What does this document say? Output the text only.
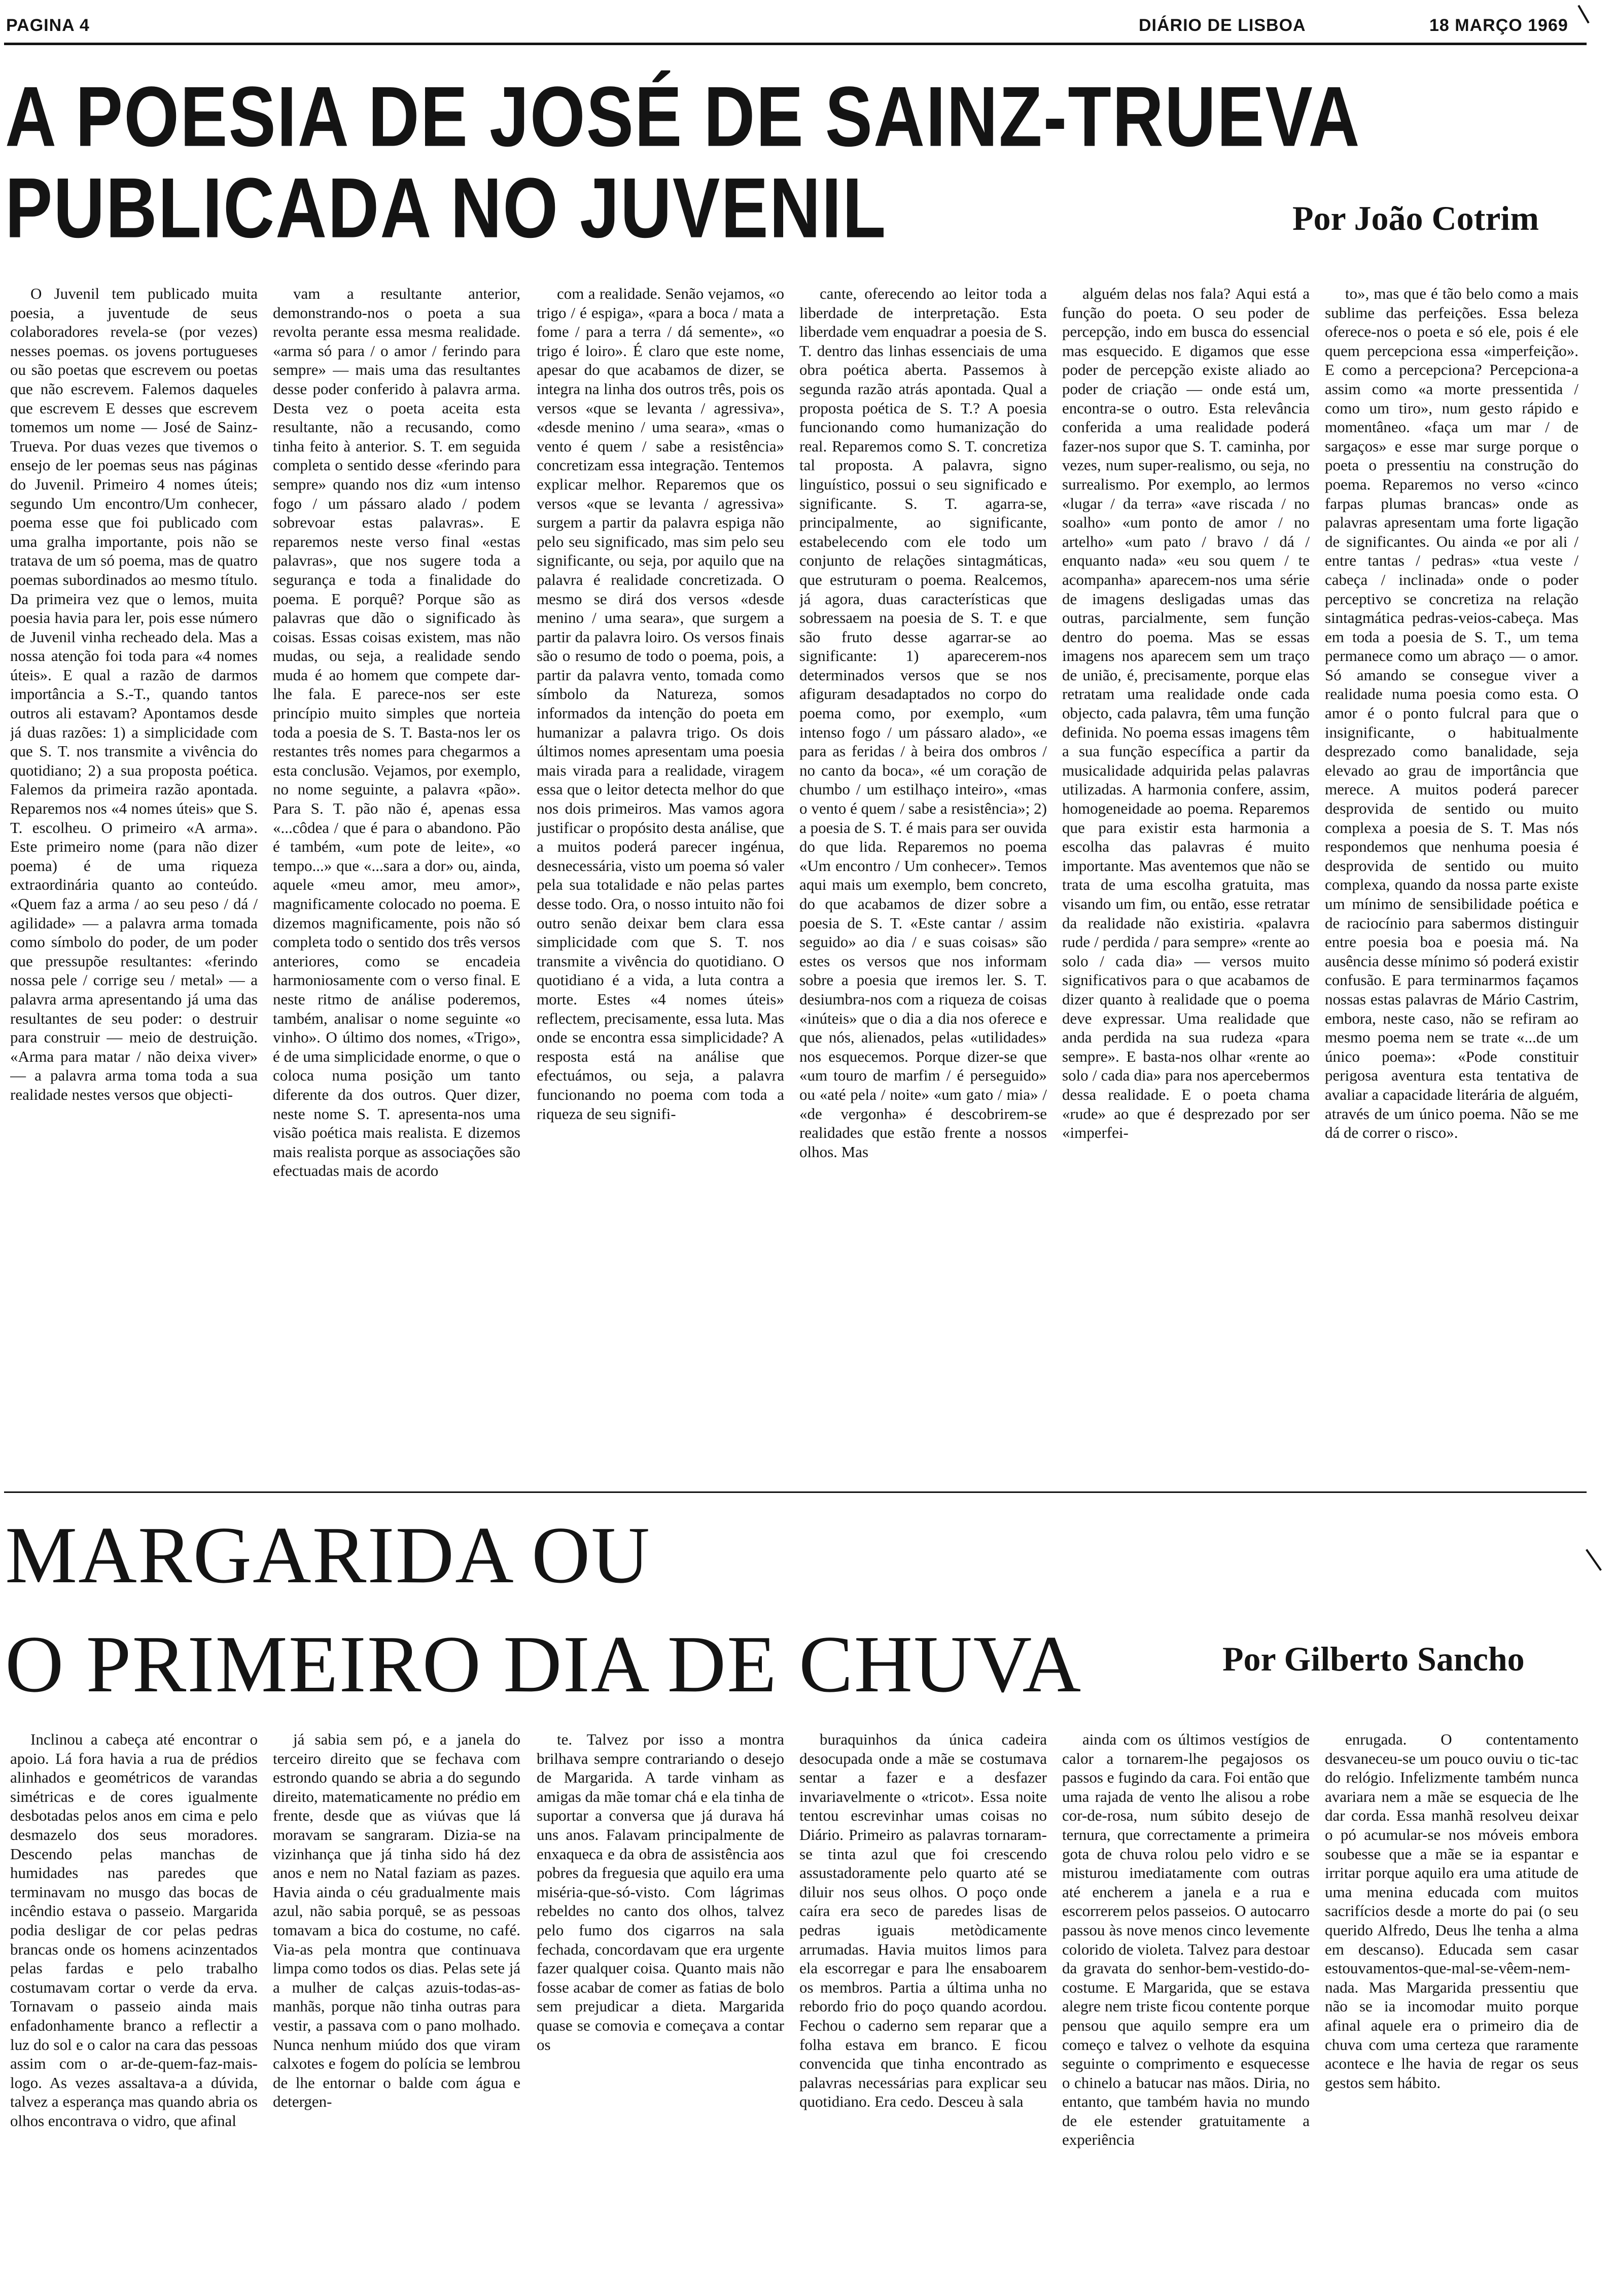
PAGINA 4	DIÁRIO DE LISBOA	18 MARÇO 1969
A POESIA DE JOSÉ DE SAINZ-TRUEVA
PUBLICADA NO JUVENIL	Por João Cotrim

O Juvenil tem publicado muita poesia, a juventude de seus colaboradores revela-se (por vezes) nesses poemas. os jovens portugueses ou são poetas que escrevem ou poetas que não escrevem. Falemos daqueles que escrevem E desses que escrevem tomemos um nome — José de Sainz-Trueva. Por duas vezes que tivemos o ensejo de ler poemas seus nas páginas do Juvenil. Primeiro 4 nomes úteis; segundo Um encontro/Um conhecer, poema esse que foi publicado com uma gralha importante, pois não se tratava de um só poema, mas de quatro poemas subordinados ao mesmo título. Da primeira vez que o lemos, muita poesia havia para ler, pois esse número de Juvenil vinha recheado dela. Mas a nossa atenção foi toda para «4 nomes úteis». E qual a razão de darmos importância a S.-T., quando tantos outros ali estavam? Apontamos desde já duas razões: 1) a simplicidade com que S. T. nos transmite a vivência do quotidiano; 2) a sua proposta poética. Falemos da primeira razão apontada. Reparemos nos «4 nomes úteis» que S. T. escolheu. O primeiro «A arma». Este primeiro nome (para não dizer poema) é de uma riqueza extraordinária quanto ao conteúdo. «Quem faz a arma / ao seu peso / dá / agilidade» — a palavra arma tomada como símbolo do poder, de um poder que pressupõe resultantes: «ferindo nossa pele / corrige seu / metal» — a palavra arma apresentando já uma das resultantes de seu poder: o destruir para construir — meio de destruição. «Arma para matar / não deixa viver» — a palavra arma toma toda a sua realidade nestes versos que objecti-

vam a resultante anterior, demonstrando-nos o poeta a sua revolta perante essa mesma realidade. «arma só para / o amor / ferindo para sempre» — mais uma das resultantes desse poder conferido à palavra arma. Desta vez o poeta aceita esta resultante, não a recusando, como tinha feito à anterior. S. T. em seguida completa o sentido desse «ferindo para sempre» quando nos diz «um intenso fogo / um pássaro alado / podem sobrevoar estas palavras». E reparemos neste verso final «estas palavras», que nos sugere toda a segurança e toda a finalidade do poema. E porquê? Porque são as palavras que dão o significado às coisas. Essas coisas existem, mas não mudas, ou seja, a realidade sendo muda é ao homem que compete dar-lhe fala. E parece-nos ser este princípio muito simples que norteia toda a poesia de S. T. Basta-nos ler os restantes três nomes para chegarmos a esta conclusão. Vejamos, por exemplo, no nome seguinte, a palavra «pão». Para S. T. pão não é, apenas essa «...côdea / que é para o abandono. Pão é também, «um pote de leite», «o tempo...» que «...sara a dor» ou, ainda, aquele «meu amor, meu amor», magnificamente colocado no poema. E dizemos magnificamente, pois não só completa todo o sentido dos três versos anteriores, como se encadeia harmoniosamente com o verso final. E neste ritmo de análise poderemos, também, analisar o nome seguinte «o vinho». O último dos nomes, «Trigo», é de uma simplicidade enorme, o que o coloca numa posição um tanto diferente da dos outros. Quer dizer, neste nome S. T. apresenta-nos uma visão poética mais realista. E dizemos mais realista porque as associações são efectuadas mais de acordo

com a realidade. Senão vejamos, «o trigo / é espiga», «para a boca / mata a fome / para a terra / dá semente», «o trigo é loiro». É claro que este nome, apesar do que acabamos de dizer, se integra na linha dos outros três, pois os versos «que se levanta / agressiva», «desde menino / uma seara», «mas o vento é quem / sabe a resistência» concretizam essa integração. Tentemos explicar melhor. Reparemos que os versos «que se levanta / agressiva» surgem a partir da palavra espiga não pelo seu significado, mas sim pelo seu significante, ou seja, por aquilo que na palavra é realidade concretizada. O mesmo se dirá dos versos «desde menino / uma seara», que surgem a partir da palavra loiro. Os versos finais são o resumo de todo o poema, pois, a partir da palavra vento, tomada como símbolo da Natureza, somos informados da intenção do poeta em humanizar a palavra trigo. Os dois últimos nomes apresentam uma poesia mais virada para a realidade, viragem essa que o leitor detecta melhor do que nos dois primeiros. Mas vamos agora justificar o propósito desta análise, que a muitos poderá parecer ingénua, desnecessária, visto um poema só valer pela sua totalidade e não pelas partes desse todo. Ora, o nosso intuito não foi outro senão deixar bem clara essa simplicidade com que S. T. nos transmite a vivência do quotidiano. O quotidiano é a vida, a luta contra a morte. Estes «4 nomes úteis» reflectem, precisamente, essa luta. Mas onde se encontra essa simplicidade? A resposta está na análise que efectuámos, ou seja, a palavra funcionando no poema com toda a riqueza de seu signifi-

cante, oferecendo ao leitor toda a liberdade de interpretação. Esta liberdade vem enquadrar a poesia de S. T. dentro das linhas essenciais de uma obra poética aberta. Passemos à segunda razão atrás apontada. Qual a proposta poética de S. T.? A poesia funcionando como humanização do real. Reparemos como S. T. concretiza tal proposta. A palavra, signo linguístico, possui o seu significado e significante. S. T. agarra-se, principalmente, ao significante, estabelecendo com ele todo um conjunto de relações sintagmáticas, que estruturam o poema. Realcemos, já agora, duas características que sobressaem na poesia de S. T. e que são fruto desse agarrar-se ao significante: 1) aparecerem-nos determinados versos que se nos afiguram desadaptados no corpo do poema como, por exemplo, «um intenso fogo / um pássaro alado», «e para as feridas / à beira dos ombros / no canto da boca», «é um coração de chumbo / um estilhaço inteiro», «mas o vento é quem / sabe a resistência»; 2) a poesia de S. T. é mais para ser ouvida do que lida. Reparemos no poema «Um encontro / Um conhecer». Temos aqui mais um exemplo, bem concreto, do que acabamos de dizer sobre a poesia de S. T. «Este cantar / assim seguido» ao dia / e suas coisas» são estes os versos que nos informam sobre a poesia que iremos ler. S. T. desiumbra-nos com a riqueza de coisas «inúteis» que o dia a dia nos oferece e que nós, alienados, pelas «utilidades» nos esquecemos. Porque dizer-se que «um touro de marfim / é perseguido» ou «até pela / noite» «um gato / mia» / «de vergonha» é descobrirem-se realidades que estão frente a nossos olhos. Mas

alguém delas nos fala? Aqui está a função do poeta. O seu poder de percepção, indo em busca do essencial mas esquecido. E digamos que esse poder de percepção existe aliado ao poder de criação — onde está um, encontra-se o outro. Esta relevância conferida a uma realidade poderá fazer-nos supor que S. T. caminha, por vezes, num super-realismo, ou seja, no surrealismo. Por exemplo, ao lermos «lugar / da terra» «ave riscada / no soalho» «um ponto de amor / no artelho» «um pato / bravo / dá / enquanto nada» «eu sou quem / te acompanha» aparecem-nos uma série de imagens desligadas umas das outras, parcialmente, sem função dentro do poema. Mas se essas imagens nos aparecem sem um traço de união, é, precisamente, porque elas retratam uma realidade onde cada objecto, cada palavra, têm uma função definida. No poema essas imagens têm a sua função específica a partir da musicalidade adquirida pelas palavras utilizadas. A harmonia confere, assim, homogeneidade ao poema. Reparemos que para existir esta harmonia a escolha das palavras é muito importante. Mas aventemos que não se trata de uma escolha gratuita, mas visando um fim, ou então, esse retratar da realidade não existiria. «palavra rude / perdida / para sempre» «rente ao solo / cada dia» — versos muito significativos para o que acabamos de dizer quanto à realidade que o poema deve expressar. Uma realidade que anda perdida na sua rudeza «para sempre». E basta-nos olhar «rente ao solo / cada dia» para nos apercebermos dessa realidade. E o poeta chama «rude» ao que é desprezado por ser «imperfei-

to», mas que é tão belo como a mais sublime das perfeições. Essa beleza oferece-nos o poeta e só ele, pois é ele quem percepciona essa «imperfeição». E como a percepciona? Percepciona-a assim como «a morte pressentida / como um tiro», num gesto rápido e momentâneo. «faça um mar / de sargaços» e esse mar surge porque o poeta o pressentiu na construção do poema. Reparemos no verso «cinco farpas plumas brancas» onde as palavras apresentam uma forte ligação de significantes. Ou ainda «e por ali / entre tantas / pedras» «tua veste / cabeça / inclinada» onde o poder perceptivo se concretiza na relação sintagmática pedras-veios-cabeça. Mas em toda a poesia de S. T., um tema permanece como um abraço — o amor. Só amando se consegue viver a realidade numa poesia como esta. O amor é o ponto fulcral para que o insignificante, o habitualmente desprezado como banalidade, seja elevado ao grau de importância que merece. A muitos poderá parecer desprovida de sentido ou muito complexa a poesia de S. T. Mas nós respondemos que nenhuma poesia é desprovida de sentido ou muito complexa, quando da nossa parte existe um mínimo de sensibilidade poética e de raciocínio para sabermos distinguir entre poesia boa e poesia má. Na ausência desse mínimo só poderá existir confusão. E para terminarmos façamos nossas estas palavras de Mário Castrim, embora, neste caso, não se refiram ao mesmo poema nem se trate «...de um único poema»: «Pode constituir perigosa aventura esta tentativa de avaliar a capacidade literária de alguém, através de um único poema. Não se me dá de correr o risco».

MARGARIDA OU
O PRIMEIRO DIA DE CHUVA	Por Gilberto Sancho

Inclinou a cabeça até encontrar o apoio. Lá fora havia a rua de prédios alinhados e geométricos de varandas simétricas e de cores igualmente desbotadas pelos anos em cima e pelo desmazelo dos seus moradores. Descendo pelas manchas de humidades nas paredes que terminavam no musgo das bocas de incêndio estava o passeio. Margarida podia desligar de cor pelas pedras brancas onde os homens acinzentados pelas fardas e pelo trabalho costumavam cortar o verde da erva. Tornavam o passeio ainda mais enfadonhamente branco a reflectir a luz do sol e o calor na cara das pessoas assim com o ar-de-quem-faz-mais-logo. As vezes assaltava-a a dúvida, talvez a esperança mas quando abria os olhos encontrava o vidro, que afinal

já sabia sem pó, e a janela do terceiro direito que se fechava com estrondo quando se abria a do segundo direito, matematicamente no prédio em frente, desde que as viúvas que lá moravam se sangraram. Dizia-se na vizinhança que já tinha sido há dez anos e nem no Natal faziam as pazes. Havia ainda o céu gradualmente mais azul, não sabia porquê, se as pessoas tomavam a bica do costume, no café. Via-as pela montra que continuava limpa como todos os dias. Pelas sete já a mulher de calças azuis-todas-as-manhãs, porque não tinha outras para vestir, a passava com o pano molhado. Nunca nenhum miúdo dos que viram calxotes e fogem do polícia se lembrou de lhe entornar o balde com água e detergen-

te. Talvez por isso a montra brilhava sempre contrariando o desejo de Margarida. A tarde vinham as amigas da mãe tomar chá e ela tinha de suportar a conversa que já durava há uns anos. Falavam principalmente de enxaqueca e da obra de assistência aos pobres da freguesia que aquilo era uma miséria-que-só-visto. Com lágrimas rebeldes no canto dos olhos, talvez pelo fumo dos cigarros na sala fechada, concordavam que era urgente fazer qualquer coisa. Quanto mais não fosse acabar de comer as fatias de bolo sem prejudicar a dieta. Margarida quase se comovia e começava a contar os

buraquinhos da única cadeira desocupada onde a mãe se costumava sentar a fazer e a desfazer invariavelmente o «tricot». Essa noite tentou escrevinhar umas coisas no Diário. Primeiro as palavras tornaram-se tinta azul que foi crescendo assustadoramente pelo quarto até se diluir nos seus olhos. O poço onde caíra era seco de paredes lisas de pedras iguais metòdicamente arrumadas. Havia muitos limos para ela escorregar e para lhe ensaboarem os membros. Partia a última unha no rebordo frio do poço quando acordou. Fechou o caderno sem reparar que a folha estava em branco. E ficou convencida que tinha encontrado as palavras necessárias para explicar seu quotidiano. Era cedo. Desceu à sala

ainda com os últimos vestígios de calor a tornarem-lhe pegajosos os passos e fugindo da cara. Foi então que uma rajada de vento lhe alisou a robe cor-de-rosa, num súbito desejo de ternura, que correctamente a primeira gota de chuva rolou pelo vidro e se misturou imediatamente com outras até encherem a janela e a rua e escorrerem pelos passeios. O autocarro passou às nove menos cinco levemente colorido de violeta. Talvez para destoar da gravata do senhor-bem-vestido-do-costume. E Margarida, que se estava alegre nem triste ficou contente porque pensou que aquilo sempre era um começo e talvez o velhote da esquina seguinte o comprimento e esquecesse o chinelo a batucar nas mãos. Diria, no entanto, que também havia no mundo de ele estender gratuitamente a experiência

enrugada. O contentamento desvaneceu-se um pouco ouviu o tic-tac do relógio. Infelizmente também nunca avariara nem a mãe se esquecia de lhe dar corda. Essa manhã resolveu deixar o pó acumular-se nos móveis embora soubesse que a mãe se ia espantar e irritar porque aquilo era uma atitude de uma menina educada com muitos sacrifícios desde a morte do pai (o seu querido Alfredo, Deus lhe tenha a alma em descanso). Educada sem casar estouvamentos-que-mal-se-vêem-nem-nada. Mas Margarida pressentiu que não se ia incomodar muito porque afinal aquele era o primeiro dia de chuva com uma certeza que raramente acontece e lhe havia de regar os seus gestos sem hábito.
